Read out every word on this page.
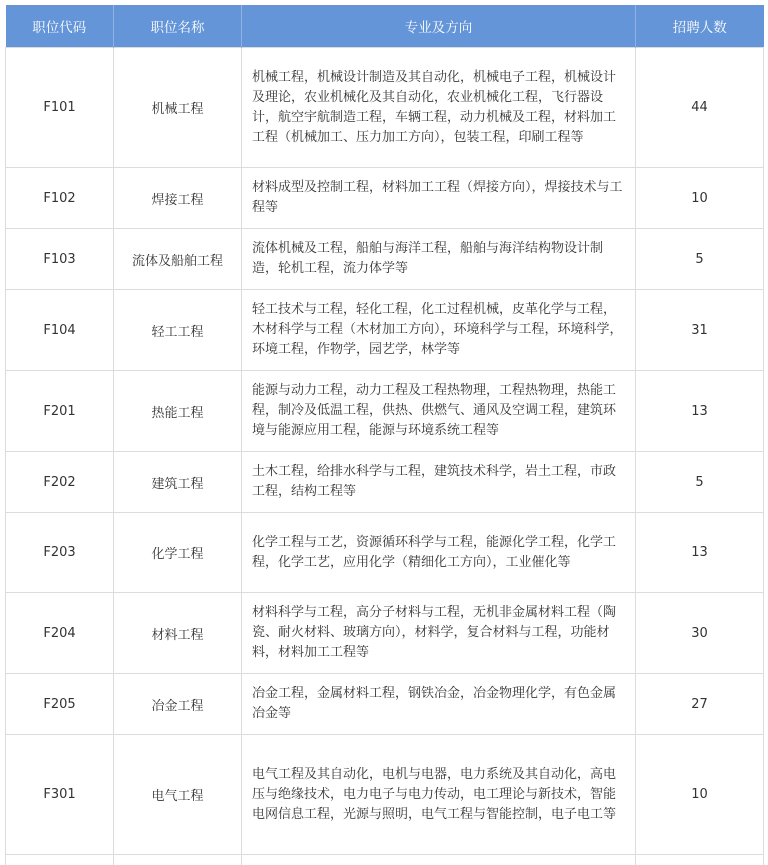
职位代码	职位名称	专业及方向	招聘人数
F101	机械工程	机械工程，机械设计制造及其自动化，机械电子工程，机械设计及理论，农业机械化及其自动化，农业机械化工程，飞行器设计，航空宇航制造工程，车辆工程，动力机械及工程，材料加工工程（机械加工、压力加工方向），包装工程，印刷工程等	44
F102	焊接工程	材料成型及控制工程，材料加工工程（焊接方向），焊接技术与工程等	10
F103	流体及船舶工程	流体机械及工程，船舶与海洋工程，船舶与海洋结构物设计制造，轮机工程，流力体学等	5
F104	轻工工程	轻工技术与工程，轻化工程，化工过程机械，皮革化学与工程，木材科学与工程（木材加工方向），环境科学与工程，环境科学，环境工程，作物学，园艺学，林学等	31
F201	热能工程	能源与动力工程，动力工程及工程热物理，工程热物理，热能工程，制冷及低温工程，供热、供燃气、通风及空调工程，建筑环境与能源应用工程，能源与环境系统工程等	13
F202	建筑工程	土木工程，给排水科学与工程，建筑技术科学，岩土工程，市政工程，结构工程等	5
F203	化学工程	化学工程与工艺，资源循环科学与工程，能源化学工程，化学工程，化学工艺，应用化学（精细化工方向），工业催化等	13
F204	材料工程	材料科学与工程，高分子材料与工程，无机非金属材料工程（陶瓷、耐火材料、玻璃方向），材料学，复合材料与工程，功能材料，材料加工工程等	30
F205	冶金工程	冶金工程，金属材料工程，钢铁冶金，冶金物理化学，有色金属冶金等	27
F301	电气工程	电气工程及其自动化，电机与电器，电力系统及其自动化，高电压与绝缘技术，电力电子与电力传动，电工理论与新技术，智能电网信息工程，光源与照明，电气工程与智能控制，电子电工等	10
